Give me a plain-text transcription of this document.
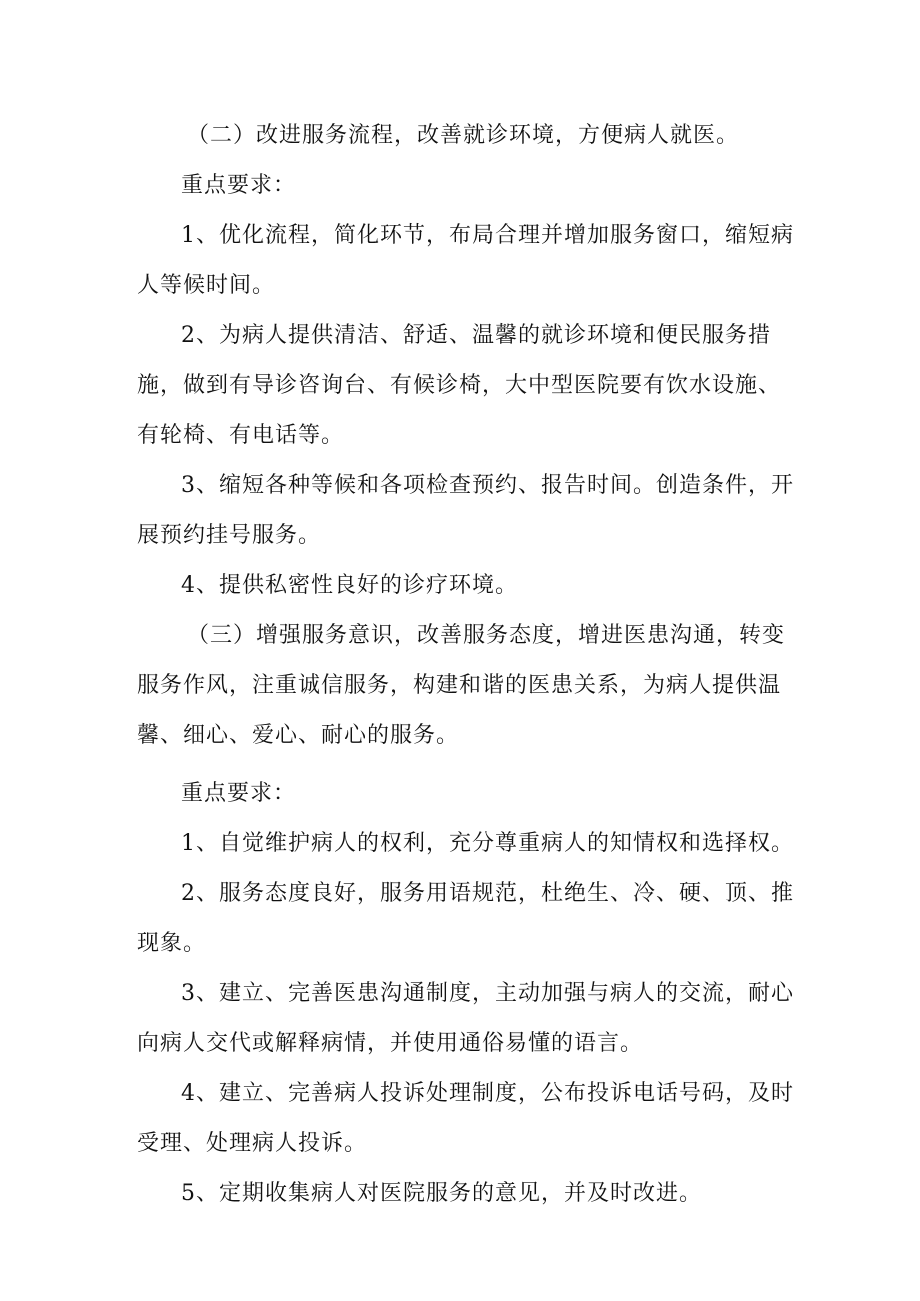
（二）改进服务流程，改善就诊环境，方便病人就医。

重点要求：

1、优化流程，简化环节，布局合理并增加服务窗口，缩短病人等候时间。

2、为病人提供清洁、舒适、温馨的就诊环境和便民服务措施，做到有导诊咨询台、有候诊椅，大中型医院要有饮水设施、有轮椅、有电话等。

3、缩短各种等候和各项检查预约、报告时间。创造条件，开展预约挂号服务。

4、提供私密性良好的诊疗环境。

（三）增强服务意识，改善服务态度，增进医患沟通，转变服务作风，注重诚信服务，构建和谐的医患关系，为病人提供温馨、细心、爱心、耐心的服务。

重点要求：

1、自觉维护病人的权利，充分尊重病人的知情权和选择权。

2、服务态度良好，服务用语规范，杜绝生、冷、硬、顶、推现象。

3、建立、完善医患沟通制度，主动加强与病人的交流，耐心向病人交代或解释病情，并使用通俗易懂的语言。

4、建立、完善病人投诉处理制度，公布投诉电话号码，及时受理、处理病人投诉。

5、定期收集病人对医院服务的意见，并及时改进。
